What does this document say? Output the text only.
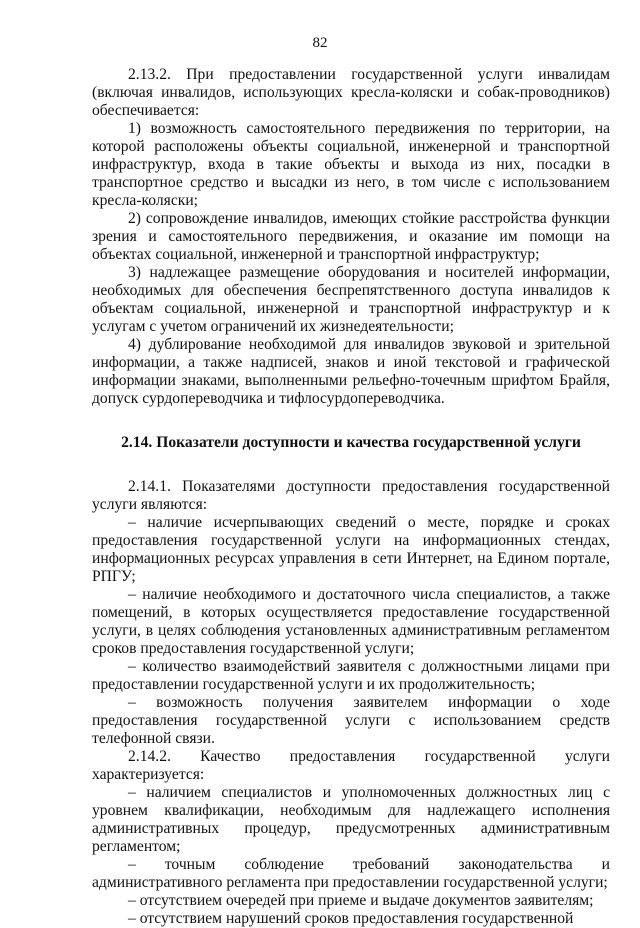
82

2.13.2. При предоставлении государственной услуги инвалидам (включая инвалидов, использующих кресла-коляски и собак-проводников) обеспечивается:

1) возможность самостоятельного передвижения по территории, на которой расположены объекты социальной, инженерной и транспортной инфраструктур, входа в такие объекты и выхода из них, посадки в транспортное средство и высадки из него, в том числе с использованием кресла-коляски;

2) сопровождение инвалидов, имеющих стойкие расстройства функции зрения и самостоятельного передвижения, и оказание им помощи на объектах социальной, инженерной и транспортной инфраструктур;

3) надлежащее размещение оборудования и носителей информации, необходимых для обеспечения беспрепятственного доступа инвалидов к объектам социальной, инженерной и транспортной инфраструктур и к услугам с учетом ограничений их жизнедеятельности;

4) дублирование необходимой для инвалидов звуковой и зрительной информации, а также надписей, знаков и иной текстовой и графической информации знаками, выполненными рельефно-точечным шрифтом Брайля, допуск сурдопереводчика и тифлосурдопереводчика.

2.14. Показатели доступности и качества государственной услуги

2.14.1. Показателями доступности предоставления государственной услуги являются:

– наличие исчерпывающих сведений о месте, порядке и сроках предоставления государственной услуги на информационных стендах, информационных ресурсах управления в сети Интернет, на Едином портале, РПГУ;

– наличие необходимого и достаточного числа специалистов, а также помещений, в которых осуществляется предоставление государственной услуги, в целях соблюдения установленных административным регламентом сроков предоставления государственной услуги;

– количество взаимодействий заявителя с должностными лицами при предоставлении государственной услуги и их продолжительность;

– возможность получения заявителем информации о ходе предоставления государственной услуги с использованием средств телефонной связи.

2.14.2. Качество предоставления государственной услуги характеризуется:

– наличием специалистов и уполномоченных должностных лиц с уровнем квалификации, необходимым для надлежащего исполнения административных процедур, предусмотренных административным регламентом;

– точным соблюдение требований законодательства и административного регламента при предоставлении государственной услуги;

– отсутствием очередей при приеме и выдаче документов заявителям;

– отсутствием нарушений сроков предоставления государственной
